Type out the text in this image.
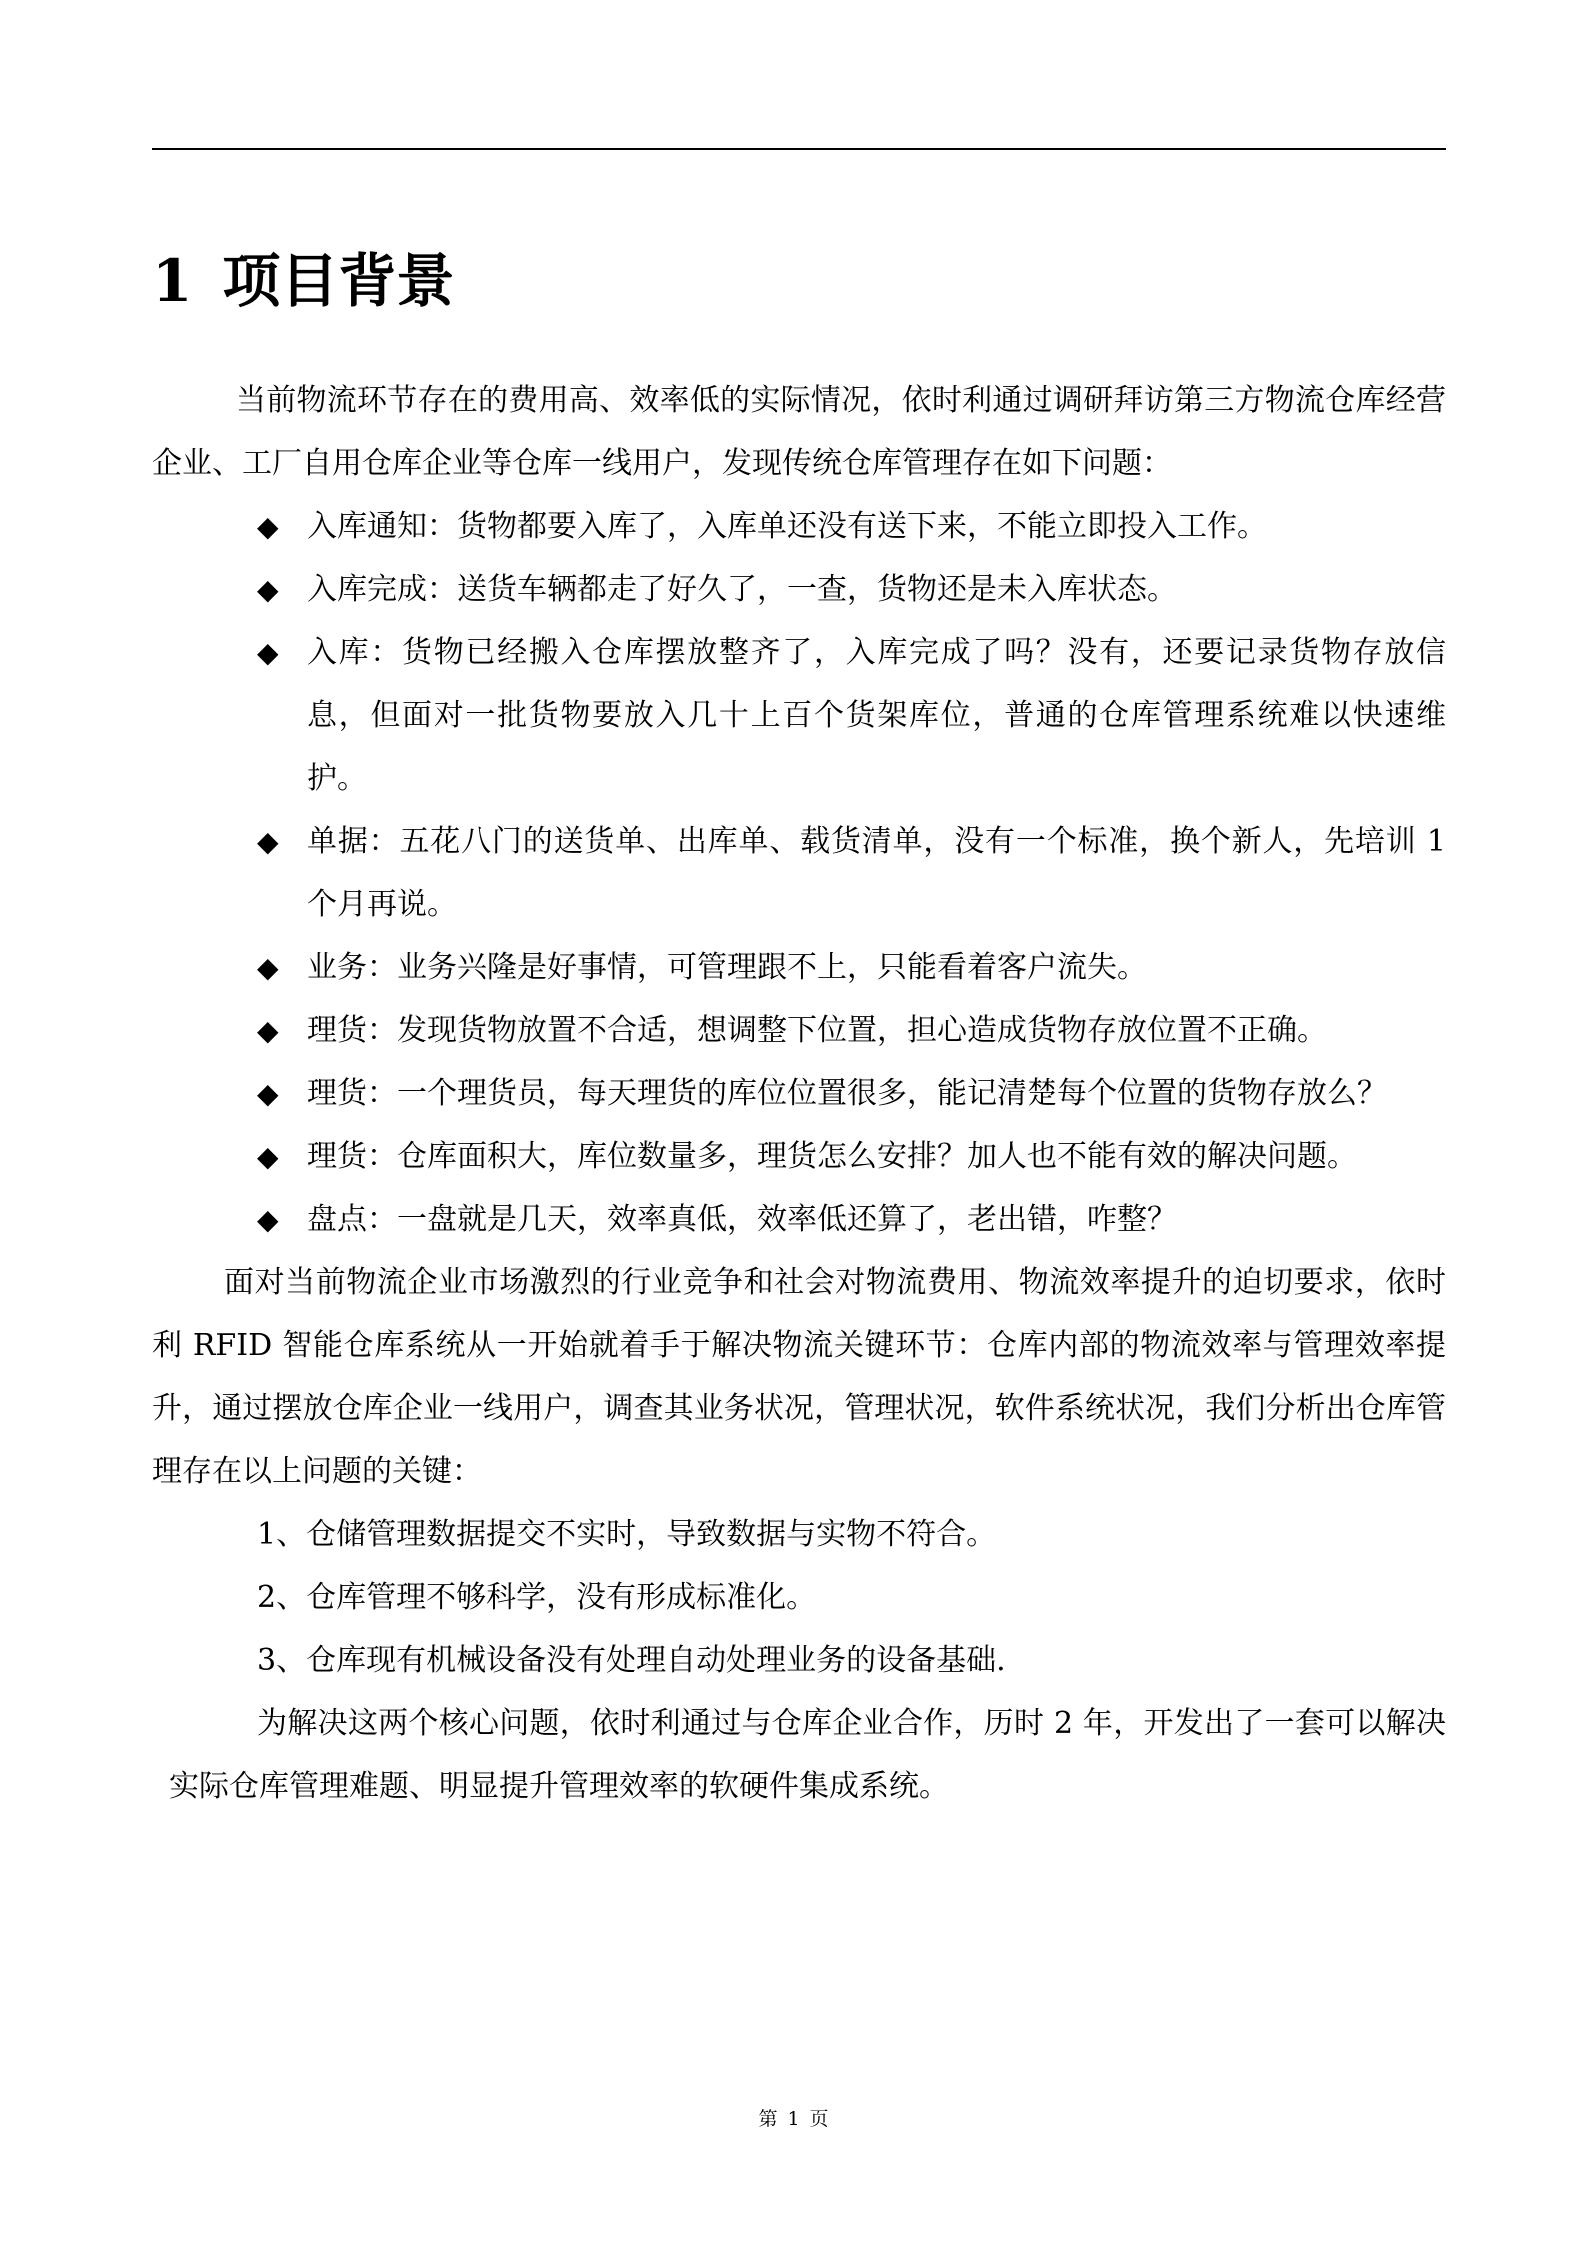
1 项目背景

当前物流环节存在的费用高、效率低的实际情况，依时利通过调研拜访第三方物流仓库经营企业、工厂自用仓库企业等仓库一线用户，发现传统仓库管理存在如下问题：

◆ 入库通知：货物都要入库了，入库单还没有送下来，不能立即投入工作。

◆ 入库完成：送货车辆都走了好久了，一查，货物还是未入库状态。

◆ 入库：货物已经搬入仓库摆放整齐了，入库完成了吗？没有，还要记录货物存放信息，但面对一批货物要放入几十上百个货架库位，普通的仓库管理系统难以快速维护。

◆ 单据：五花八门的送货单、出库单、载货清单，没有一个标准，换个新人，先培训 1 个月再说。

◆ 业务：业务兴隆是好事情，可管理跟不上，只能看着客户流失。

◆ 理货：发现货物放置不合适，想调整下位置，担心造成货物存放位置不正确。

◆ 理货：一个理货员，每天理货的库位位置很多，能记清楚每个位置的货物存放么？

◆ 理货：仓库面积大，库位数量多，理货怎么安排？加人也不能有效的解决问题。

◆ 盘点：一盘就是几天，效率真低，效率低还算了，老出错，咋整？

面对当前物流企业市场激烈的行业竞争和社会对物流费用、物流效率提升的迫切要求，依时利 RFID 智能仓库系统从一开始就着手于解决物流关键环节：仓库内部的物流效率与管理效率提升，通过摆放仓库企业一线用户，调查其业务状况，管理状况，软件系统状况，我们分析出仓库管理存在以上问题的关键：

1、仓储管理数据提交不实时，导致数据与实物不符合。

2、仓库管理不够科学，没有形成标准化。

3、仓库现有机械设备没有处理自动处理业务的设备基础.

为解决这两个核心问题，依时利通过与仓库企业合作，历时 2 年，开发出了一套可以解决实际仓库管理难题、明显提升管理效率的软硬件集成系统。

第 1 页
